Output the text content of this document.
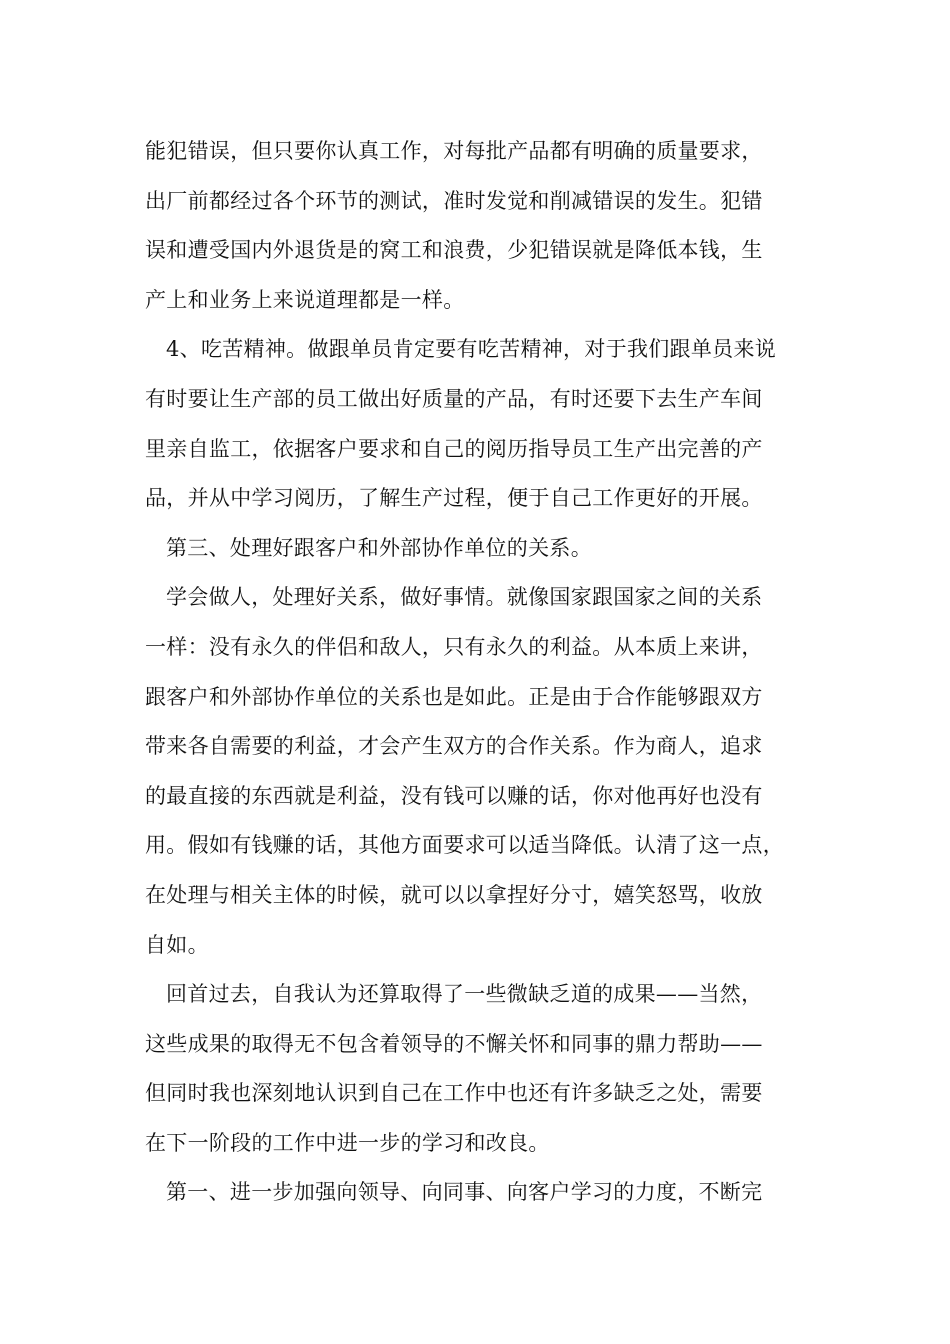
能犯错误，但只要你认真工作，对每批产品都有明确的质量要求，
出厂前都经过各个环节的测试，准时发觉和削减错误的发生。犯错
误和遭受国内外退货是的窝工和浪费，少犯错误就是降低本钱，生
产上和业务上来说道理都是一样。
4、吃苦精神。做跟单员肯定要有吃苦精神，对于我们跟单员来说
有时要让生产部的员工做出好质量的产品，有时还要下去生产车间
里亲自监工，依据客户要求和自己的阅历指导员工生产出完善的产
品，并从中学习阅历，了解生产过程，便于自己工作更好的开展。
第三、处理好跟客户和外部协作单位的关系。
学会做人，处理好关系，做好事情。就像国家跟国家之间的关系
一样：没有永久的伴侣和敌人，只有永久的利益。从本质上来讲，
跟客户和外部协作单位的关系也是如此。正是由于合作能够跟双方
带来各自需要的利益，才会产生双方的合作关系。作为商人，追求
的最直接的东西就是利益，没有钱可以赚的话，你对他再好也没有
用。假如有钱赚的话，其他方面要求可以适当降低。认清了这一点，
在处理与相关主体的时候，就可以以拿捏好分寸，嬉笑怒骂，收放
自如。
回首过去，自我认为还算取得了一些微缺乏道的成果——当然，
这些成果的取得无不包含着领导的不懈关怀和同事的鼎力帮助——
但同时我也深刻地认识到自己在工作中也还有许多缺乏之处，需要
在下一阶段的工作中进一步的学习和改良。
第一、进一步加强向领导、向同事、向客户学习的力度，不断完
